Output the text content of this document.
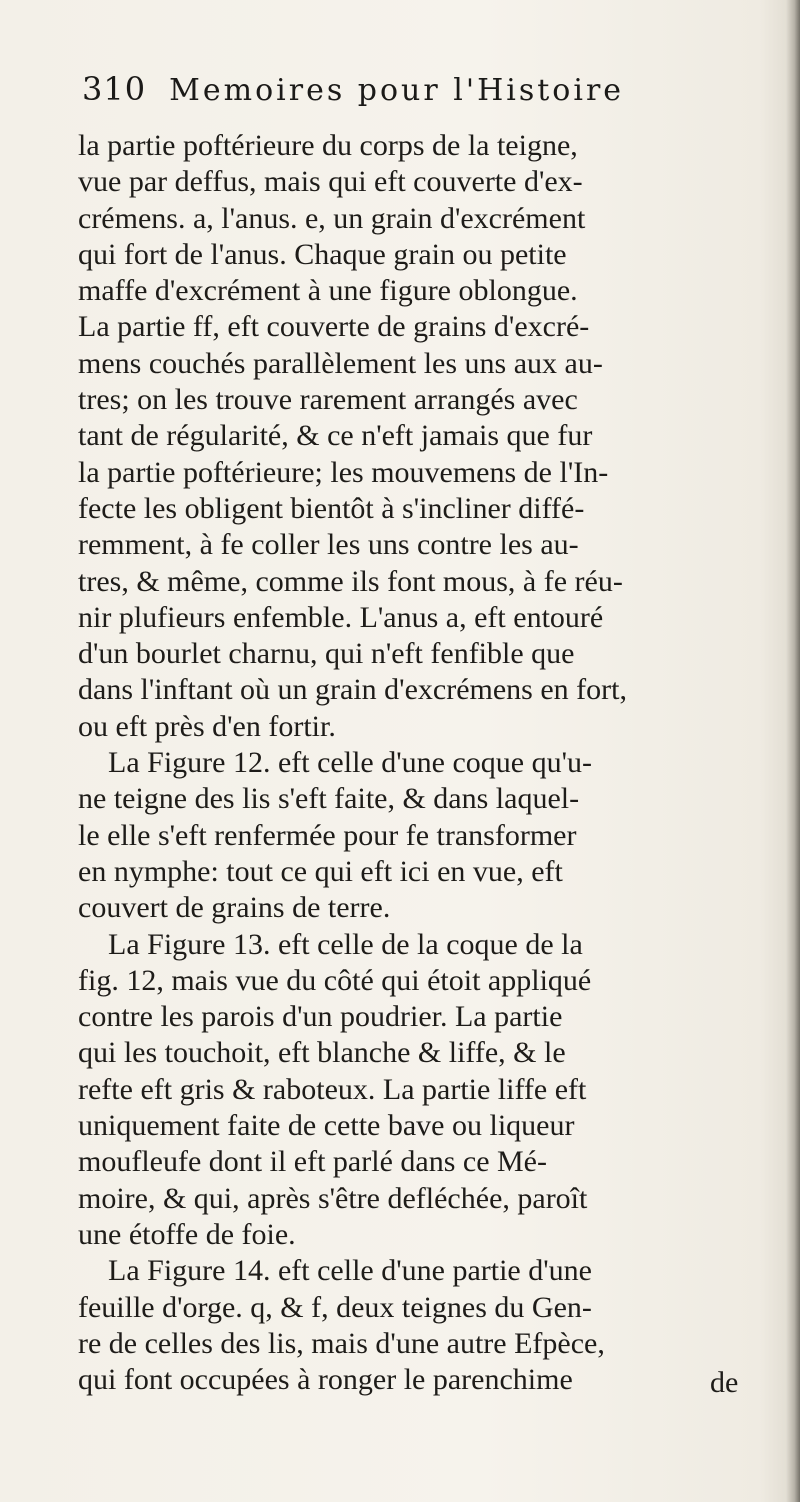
310 Memoires pour l'Histoire
la partie poftérieure du corps de la teigne,
vue par deffus, mais qui eft couverte d'ex-
crémens. a, l'anus. e, un grain d'excrément
qui fort de l'anus. Chaque grain ou petite
maffe d'excrément à une figure oblongue.
La partie ff, eft couverte de grains d'excré-
mens couchés parallèlement les uns aux au-
tres; on les trouve rarement arrangés avec
tant de régularité, & ce n'eft jamais que fur
la partie poftérieure; les mouvemens de l'In-
fecte les obligent bientôt à s'incliner diffé-
remment, à fe coller les uns contre les au-
tres, & même, comme ils font mous, à fe réu-
nir plufieurs enfemble. L'anus a, eft entouré
d'un bourlet charnu, qui n'eft fenfible que
dans l'inftant où un grain d'excrémens en fort,
ou eft près d'en fortir.
La Figure 12. eft celle d'une coque qu'u-
ne teigne des lis s'eft faite, & dans laquel-
le elle s'eft renfermée pour fe transformer
en nymphe: tout ce qui eft ici en vue, eft
couvert de grains de terre.
La Figure 13. eft celle de la coque de la
fig. 12, mais vue du côté qui étoit appliqué
contre les parois d'un poudrier. La partie
qui les touchoit, eft blanche & liffe, & le
refte eft gris & raboteux. La partie liffe eft
uniquement faite de cette bave ou liqueur
moufleufe dont il eft parlé dans ce Mé-
moire, & qui, après s'être defléchée, paroît
une étoffe de foie.
La Figure 14. eft celle d'une partie d'une
feuille d'orge. q, & f, deux teignes du Gen-
re de celles des lis, mais d'une autre Efpèce,
qui font occupées à ronger le parenchime	de
